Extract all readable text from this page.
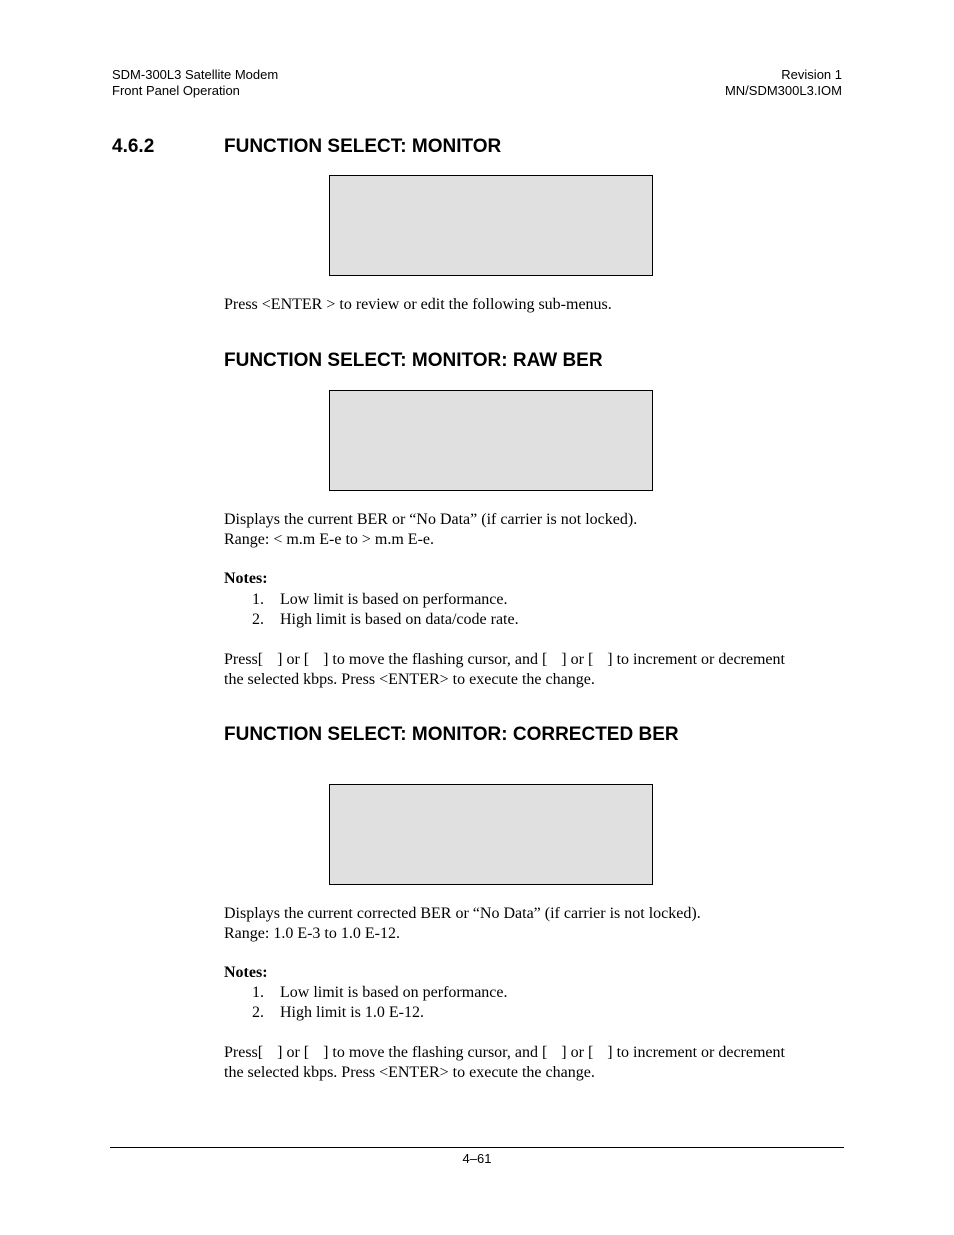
SDM-300L3 Satellite Modem
Front Panel Operation
Revision 1
MN/SDM300L3.IOM
4.6.2	FUNCTION SELECT: MONITOR

Press <ENTER > to review or edit the following sub-menus.

FUNCTION SELECT: MONITOR: RAW BER

Displays the current BER or “No Data” (if carrier is not locked).
Range: < m.m E-e to > m.m E-e.

Notes:

1. Low limit is based on performance.
2. High limit is based on data/code rate.

Press[ ] or [ ] to move the flashing cursor, and [ ] or [ ] to increment or decrement
the selected kbps. Press <ENTER> to execute the change.

FUNCTION SELECT: MONITOR: CORRECTED BER

Displays the current corrected BER or “No Data” (if carrier is not locked).
Range: 1.0 E-3 to 1.0 E-12.

Notes:

1. Low limit is based on performance.
2. High limit is 1.0 E-12.

Press[ ] or [ ] to move the flashing cursor, and [ ] or [ ] to increment or decrement
the selected kbps. Press <ENTER> to execute the change.

4–61
